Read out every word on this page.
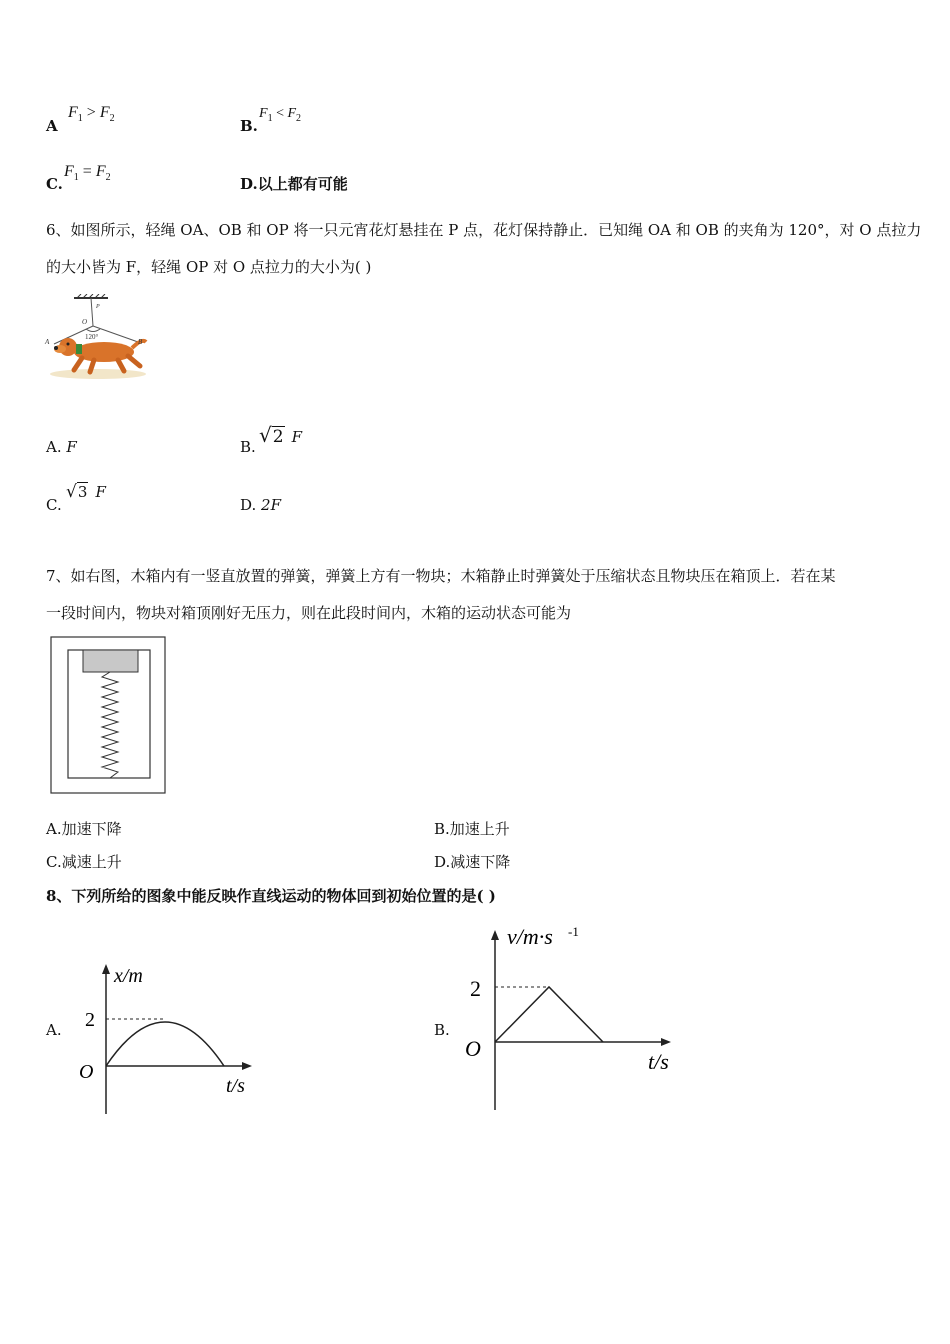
A
$F_1 > F_2$	B.
$F_1 < F_2$
C.
$F_1 = F_2$	D.以上都有可能
6、如图所示，轻绳 OA、OB 和 OP 将一只元宵花灯悬挂在 P 点，花灯保持静止．已知绳 OA 和 OB 的夹角为 120°，对 O 点拉力
的大小皆为 F，轻绳 OP 对 O 点拉力的大小为( )
A	B
O
P
120°
A. F	B. √2 F
C.
√3 F
D. 2F
7、如右图，木箱内有一竖直放置的弹簧，弹簧上方有一物块；木箱静止时弹簧处于压缩状态且物块压在箱顶上．若在某
一段时间内，物块对箱顶刚好无压力，则在此段时间内，木箱的运动状态可能为
A.加速下降	B.加速上升
C.减速上升	D.减速下降
8、下列所给的图象中能反映作直线运动的物体回到初始位置的是( )
A.
x/m
t/s
O
2	B.
v/m·s -1
t/s
O
2
